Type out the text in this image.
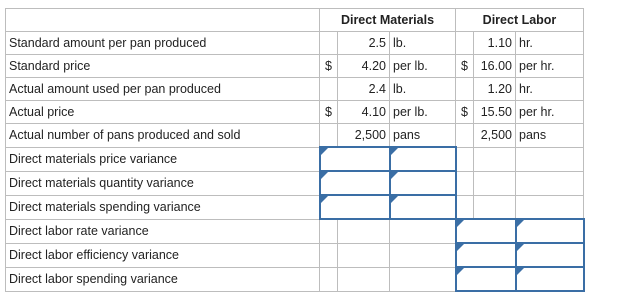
	Direct Materials			Direct Labor		
Standard amount per pan produced		2.5	lb.		1.10	hr.
Standard price	$	4.20	per lb.	$	16.00	per hr.
Actual amount used per pan produced		2.4	lb.		1.20	hr.
Actual price	$	4.10	per lb.	$	15.50	per hr.
Actual number of pans produced and sold		2,500	pans		2,500	pans
Direct materials price variance					
Direct materials quantity variance					
Direct materials spending variance					
Direct labor rate variance					
Direct labor efficiency variance					
Direct labor spending variance					
